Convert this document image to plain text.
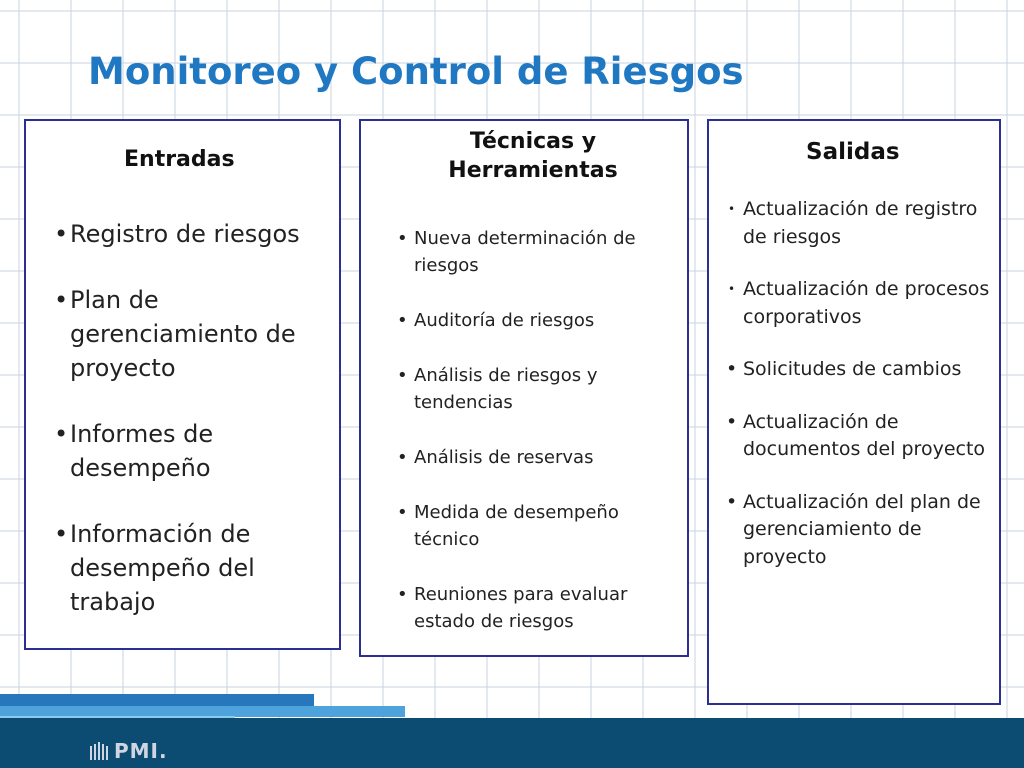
Monitoreo y Control de Riesgos
Entradas
• Registro de riesgos
• Plan de gerenciamiento de proyecto
• Informes de desempeño
• Información de desempeño del trabajo
Técnicas y
Herramientas
• Nueva determinación de riesgos
• Auditoría de riesgos
• Análisis de riesgos y tendencias
• Análisis de reservas
• Medida de desempeño técnico
• Reuniones para evaluar estado de riesgos
Salidas
• Actualización de registro de riesgos
• Actualización de procesos corporativos
• Solicitudes de cambios
• Actualización de documentos del proyecto
• Actualización del plan de gerenciamiento de proyecto
PMI.
